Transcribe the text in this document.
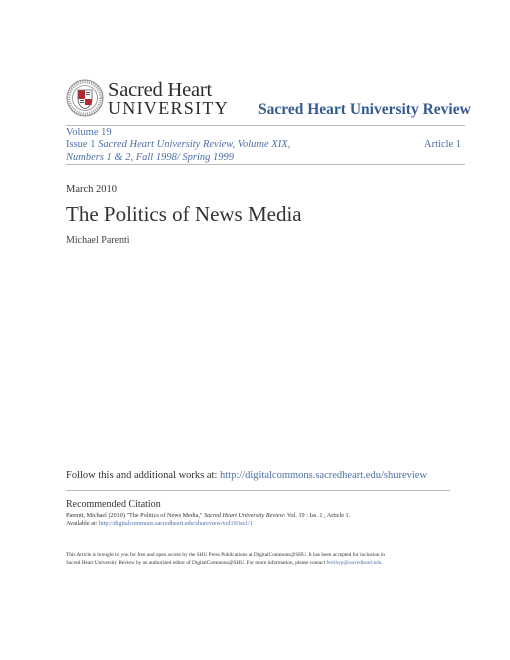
Sacred Heart
UNIVERSITY Sacred Heart University Review
Volume 19
Issue 1 Sacred Heart University Review, Volume XIX,
Numbers 1 & 2, Fall 1998/ Spring 1999
Article 1
March 2010
The Politics of News Media
Michael Parenti
Follow this and additional works at: http://digitalcommons.sacredheart.edu/shureview
Recommended Citation
Parenti, Michael (2010) "The Politics of News Media," Sacred Heart University Review: Vol. 19 : Iss. 1 , Article 1.
Available at: http://digitalcommons.sacredheart.edu/shureview/vol19/iss1/1
This Article is brought to you for free and open access by the SHU Press Publications at DigitalCommons@SHU. It has been accepted for inclusion in
Sacred Heart University Review by an authorized editor of DigitalCommons@SHU. For more information, please contact ferribyp@sacredheart.edu.
